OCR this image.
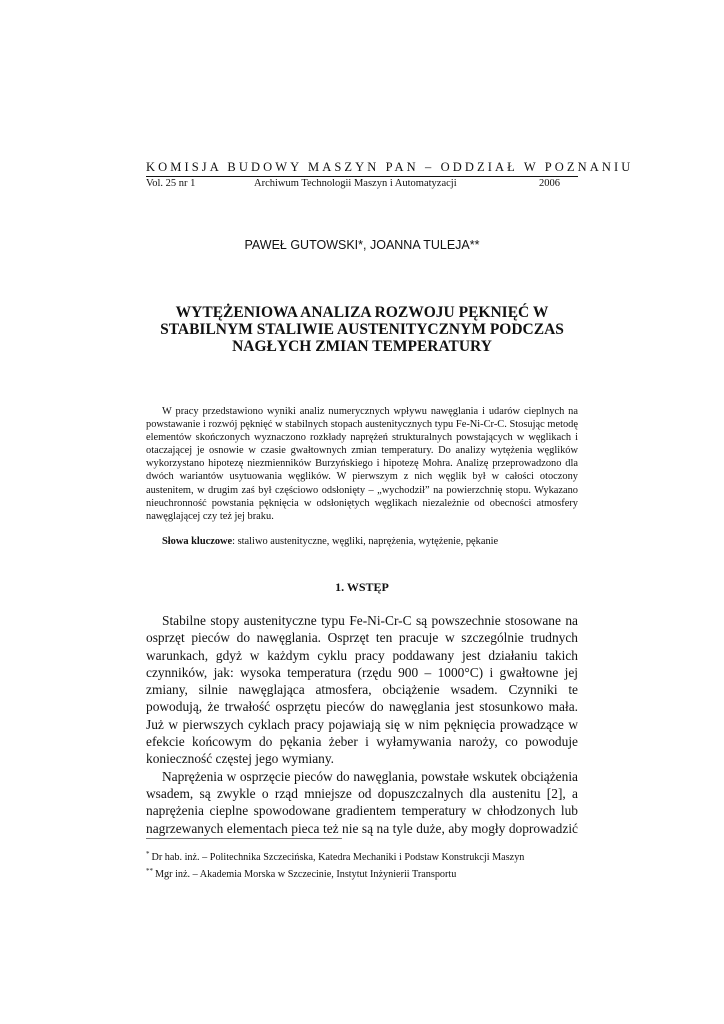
KOMISJA BUDOWY MASZYN PAN – ODDZIAŁ W POZNANIU
Vol. 25 nr 1	Archiwum Technologii Maszyn i Automatyzacji	2006
PAWEŁ GUTOWSKI*, JOANNA TULEJA**
WYTĘŻENIOWA ANALIZA ROZWOJU PĘKNIĘĆ W
STABILNYM STALIWIE AUSTENITYCZNYM PODCZAS
NAGŁYCH ZMIAN TEMPERATURY

W pracy przedstawiono wyniki analiz numerycznych wpływu nawęglania i udarów cieplnych na powstawanie i rozwój pęknięć w stabilnych stopach austenitycznych typu Fe-Ni-Cr-C. Stosując metodę elementów skończonych wyznaczono rozkłady naprężeń strukturalnych powstających w węglikach i otaczającej je osnowie w czasie gwałtownych zmian temperatury. Do analizy wytężenia węglików wykorzystano hipotezę niezmienników Burzyńskiego i hipotezę Mohra. Analizę przeprowadzono dla dwóch wariantów usytuowania węglików. W pierwszym z nich węglik był w całości otoczony austenitem, w drugim zaś był częściowo odsłonięty – „wychodził” na powierzchnię stopu. Wykazano nieuchronność powstania pęknięcia w odsłoniętych węglikach niezależnie od obecności atmosfery nawęglającej czy też jej braku.

Słowa kluczowe: staliwo austenityczne, węgliki, naprężenia, wytężenie, pękanie
1. WSTĘP

Stabilne stopy austenityczne typu Fe-Ni-Cr-C są powszechnie stosowane na
osprzęt pieców do nawęglania. Osprzęt ten pracuje w szczególnie trudnych
warunkach, gdyż w każdym cyklu pracy poddawany jest działaniu takich
czynników, jak: wysoka temperatura (rzędu 900 – 1000°C) i gwałtowne jej
zmiany, silnie nawęglająca atmosfera, obciążenie wsadem. Czynniki te
powodują, że trwałość osprzętu pieców do nawęglania jest stosunkowo mała.
Już w pierwszych cyklach pracy pojawiają się w nim pęknięcia prowadzące w
efekcie końcowym do pękania żeber i wyłamywania naroży, co powoduje
konieczność częstej jego wymiany.

Naprężenia w osprzęcie pieców do nawęglania, powstałe wskutek obciążenia
wsadem, są zwykle o rząd mniejsze od dopuszczalnych dla austenitu [2], a
naprężenia cieplne spowodowane gradientem temperatury w chłodzonych lub
nagrzewanych elementach pieca też nie są na tyle duże, aby mogły doprowadzić

* Dr hab. inż. – Politechnika Szczecińska, Katedra Mechaniki i Podstaw Konstrukcji Maszyn
** Mgr inż. – Akademia Morska w Szczecinie, Instytut Inżynierii Transportu
